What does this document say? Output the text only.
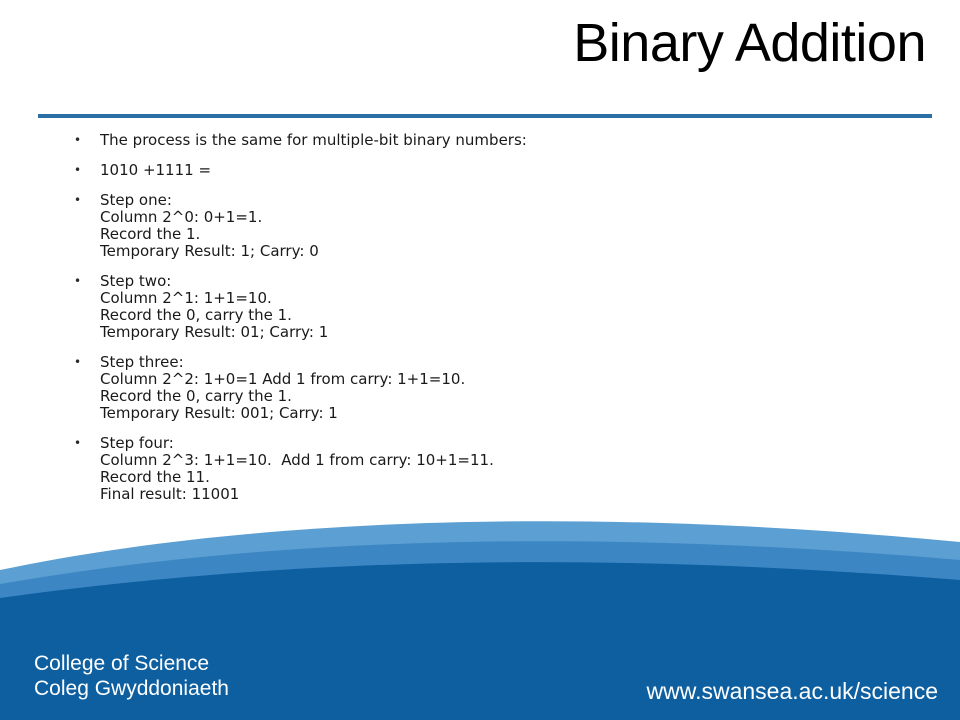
Binary Addition
• The process is the same for multiple-bit binary numbers:
• 1010 +1111 =
• Step one:
Column 2^0: 0+1=1.
Record the 1.
Temporary Result: 1; Carry: 0
• Step two:
Column 2^1: 1+1=10.
Record the 0, carry the 1.
Temporary Result: 01; Carry: 1
• Step three:
Column 2^2: 1+0=1 Add 1 from carry: 1+1=10.
Record the 0, carry the 1.
Temporary Result: 001; Carry: 1
• Step four:
Column 2^3: 1+1=10.  Add 1 from carry: 10+1=11.
Record the 11.
Final result: 11001
College of Science
Coleg Gwyddoniaeth	www.swansea.ac.uk/science
